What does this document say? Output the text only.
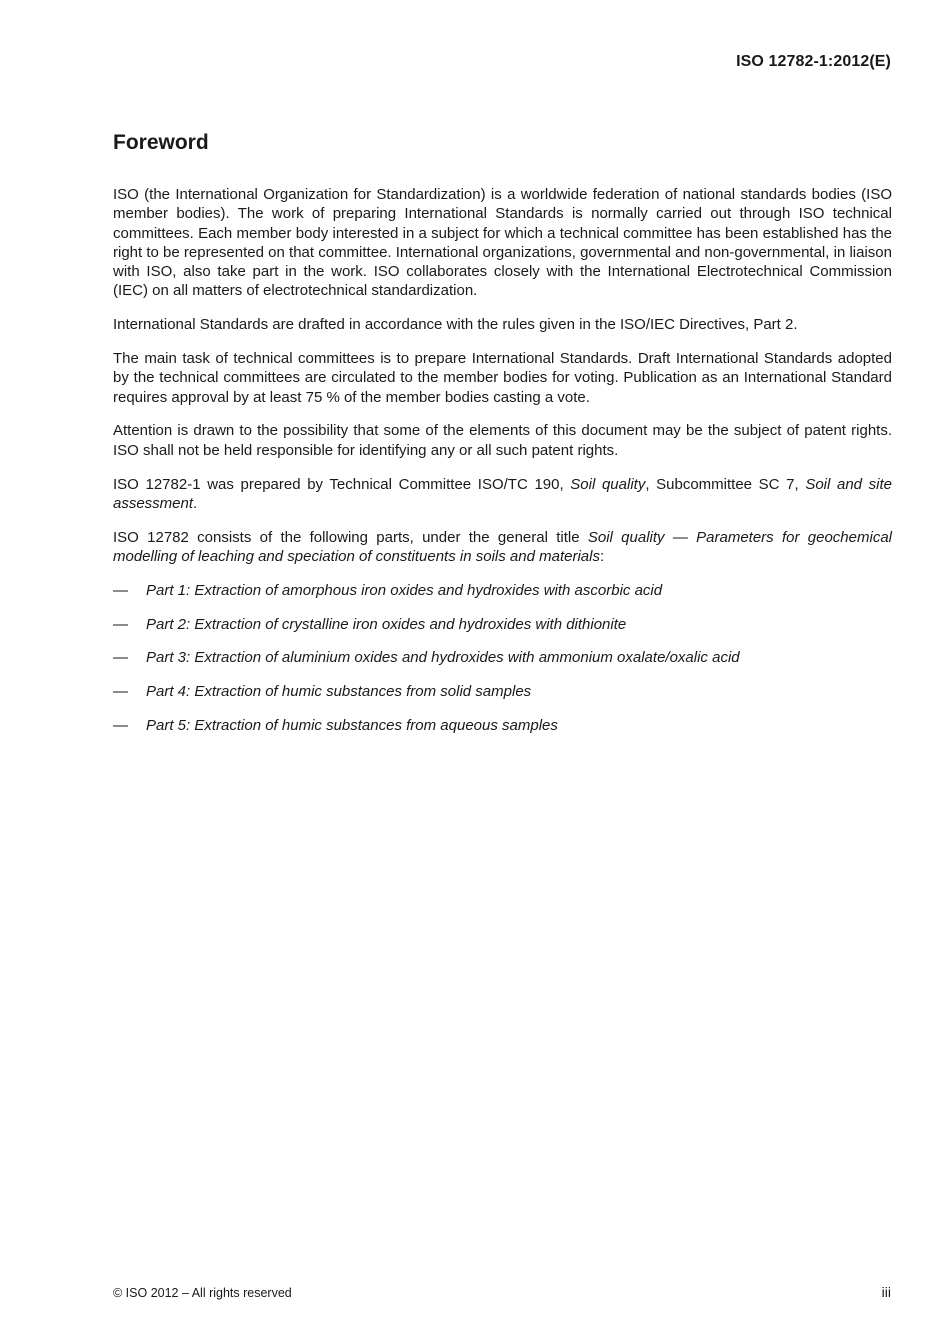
ISO 12782-1:2012(E)
Foreword

ISO (the International Organization for Standardization) is a worldwide federation of national standards bodies (ISO member bodies). The work of preparing International Standards is normally carried out through ISO technical committees. Each member body interested in a subject for which a technical committee has been established has the right to be represented on that committee. International organizations, governmental and non-governmental, in liaison with ISO, also take part in the work. ISO collaborates closely with the International Electrotechnical Commission (IEC) on all matters of electrotechnical standardization.

International Standards are drafted in accordance with the rules given in the ISO/IEC Directives, Part 2.

The main task of technical committees is to prepare International Standards. Draft International Standards adopted by the technical committees are circulated to the member bodies for voting. Publication as an International Standard requires approval by at least 75 % of the member bodies casting a vote.

Attention is drawn to the possibility that some of the elements of this document may be the subject of patent rights. ISO shall not be held responsible for identifying any or all such patent rights.

ISO 12782-1 was prepared by Technical Committee ISO/TC 190, Soil quality, Subcommittee SC 7, Soil and site assessment.

ISO 12782 consists of the following parts, under the general title Soil quality — Parameters for geochemical modelling of leaching and speciation of constituents in soils and materials:

— Part 1: Extraction of amorphous iron oxides and hydroxides with ascorbic acid
— Part 2: Extraction of crystalline iron oxides and hydroxides with dithionite
— Part 3: Extraction of aluminium oxides and hydroxides with ammonium oxalate/oxalic acid
— Part 4: Extraction of humic substances from solid samples
— Part 5: Extraction of humic substances from aqueous samples
© ISO 2012 – All rights reserved	iii
